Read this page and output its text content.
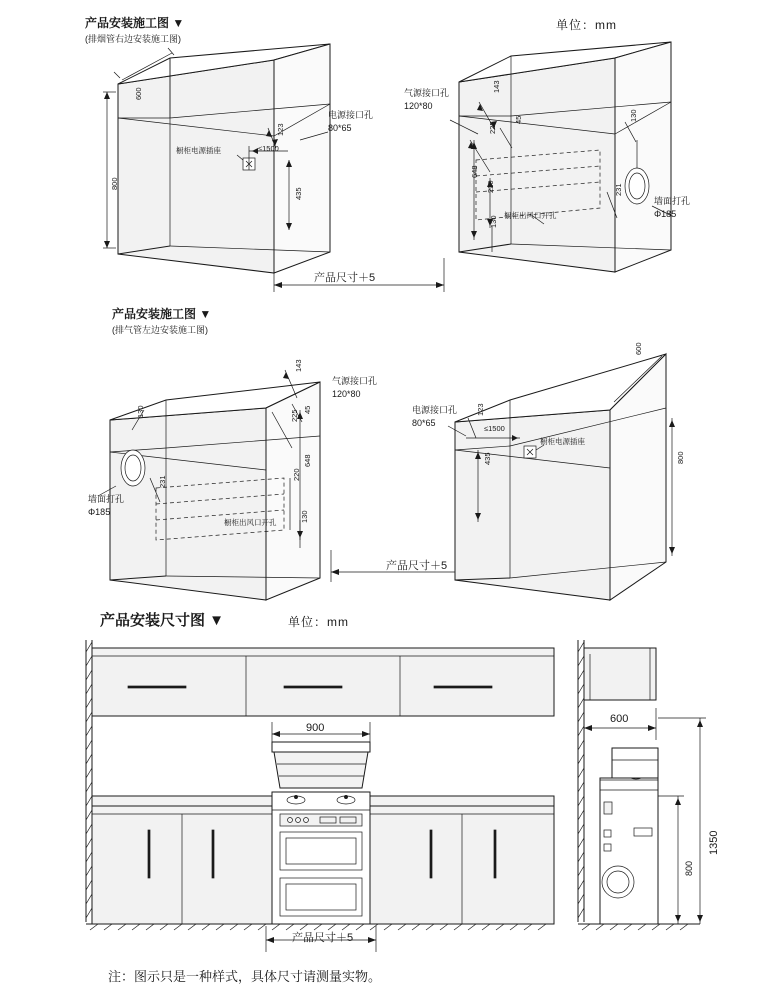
产品安装施工图 ▼
(排烟管右边安装施工图)
单位：mm
600
800
橱柜电源插座	≤1500
123
435
电源接口孔
80*65
产品尺寸＋5
气源接口孔
120*80
143
45
225
648
220
130
130
231
橱柜出风口开孔
墙面打孔
Φ185
产品安装施工图 ▼
(排气管左边安装施工图)
130
墙面打孔
Φ185
231
橱柜出风口开孔	130
220
648
225 45
143
气源接口孔
120*80
电源接口孔
80*65
123
≤1500
橱柜电源插座
435
600
800
产品尺寸＋5
产品安装尺寸图 ▼	单位：mm
900
产品尺寸＋5
600
1350
800
注：图示只是一种样式，具体尺寸请测量实物。
